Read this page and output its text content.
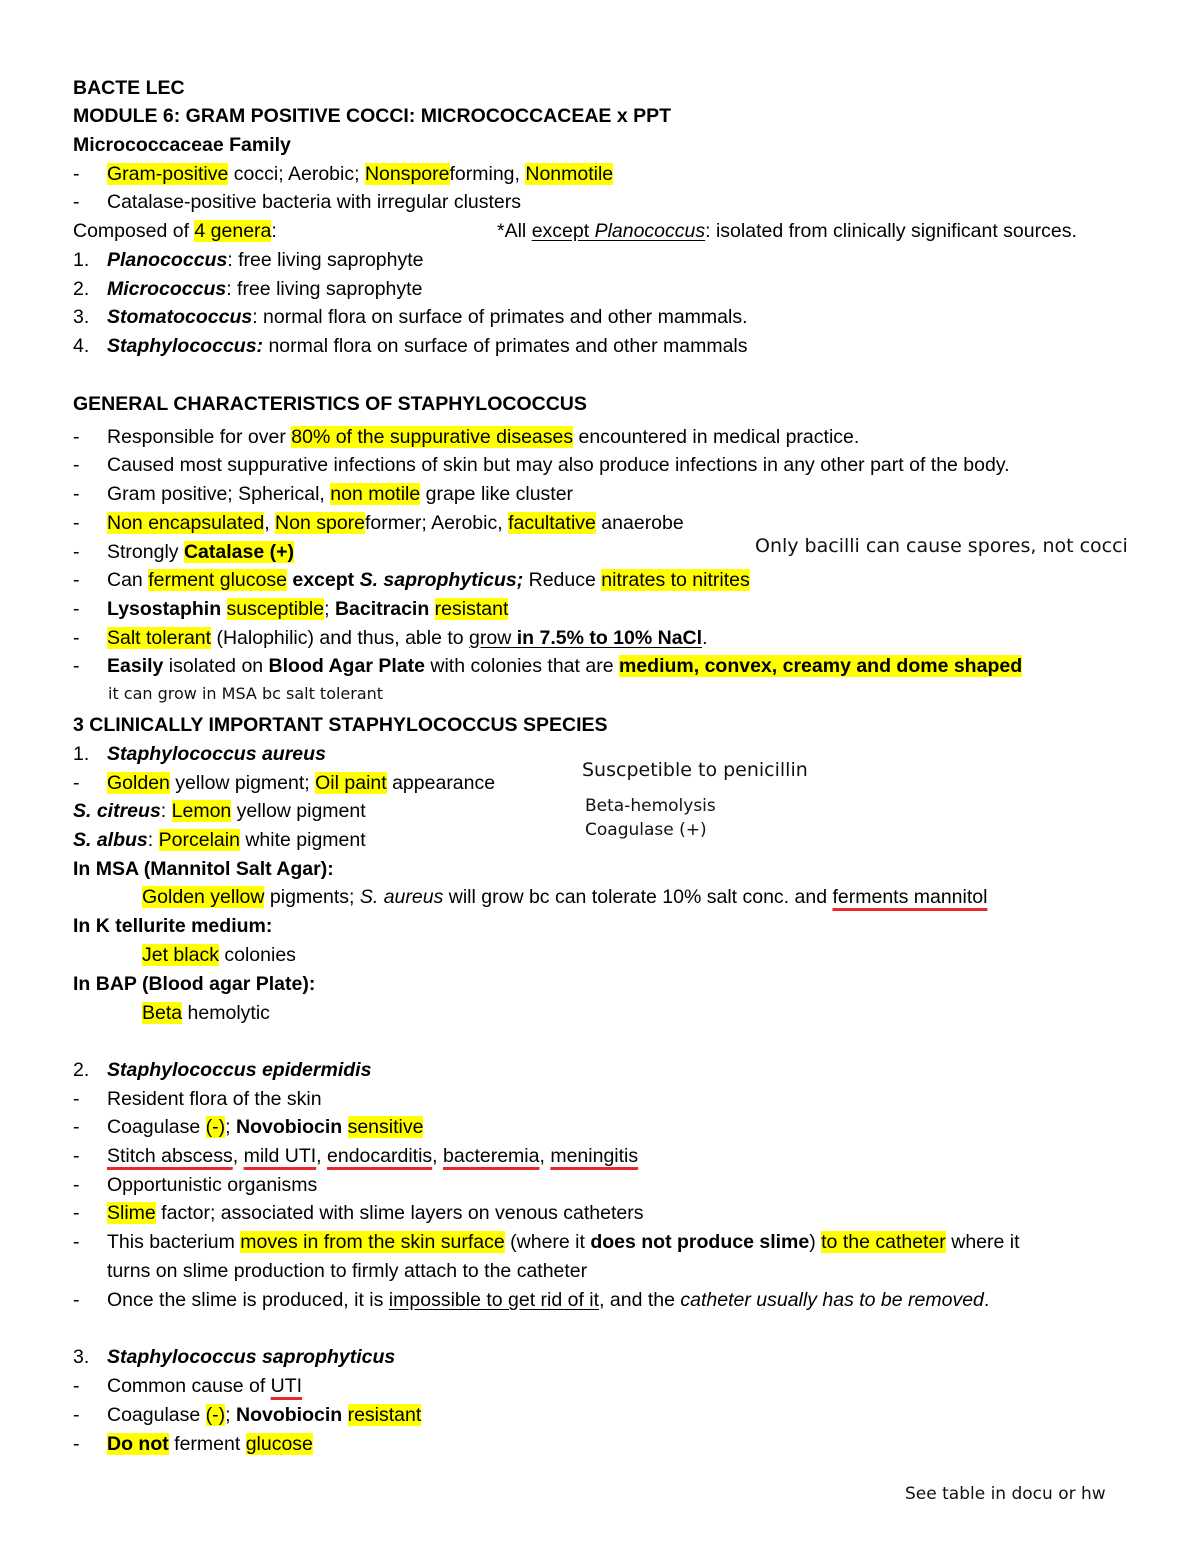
BACTE LEC
MODULE 6: GRAM POSITIVE COCCI: MICROCOCCACEAE x PPT
Micrococcaceae Family
- Gram-positive cocci; Aerobic; Nonsporeforming, Nonmotile
- Catalase-positive bacteria with irregular clusters
Composed of 4 genera:	*All except Planococcus: isolated from clinically significant sources.
1. Planococcus: free living saprophyte
2. Micrococcus: free living saprophyte
3. Stomatococcus: normal flora on surface of primates and other mammals.
4. Staphylococcus: normal flora on surface of primates and other mammals
GENERAL CHARACTERISTICS OF STAPHYLOCOCCUS
- Responsible for over 80% of the suppurative diseases encountered in medical practice.
- Caused most suppurative infections of skin but may also produce infections in any other part of the body.
- Gram positive; Spherical, non motile grape like cluster
- Non encapsulated, Non sporeformer; Aerobic, facultative anaerobe
- Strongly Catalase (+)	Only bacilli can cause spores, not cocci
- Can ferment glucose except S. saprophyticus; Reduce nitrates to nitrites
- Lysostaphin susceptible; Bacitracin resistant
- Salt tolerant (Halophilic) and thus, able to grow in 7.5% to 10% NaCl.
- Easily isolated on Blood Agar Plate with colonies that are medium, convex, creamy and dome shaped
it can grow in MSA bc salt tolerant
3 CLINICALLY IMPORTANT STAPHYLOCOCCUS SPECIES
1. Staphylococcus aureus
- Golden yellow pigment; Oil paint appearance
Suscpetible to penicillin
Beta-hemolysis
Coagulase (+)
S. citreus: Lemon yellow pigment
S. albus: Porcelain white pigment
In MSA (Mannitol Salt Agar):
Golden yellow pigments; S. aureus will grow bc can tolerate 10% salt conc. and ferments mannitol
In K tellurite medium:
Jet black colonies
In BAP (Blood agar Plate):
Beta hemolytic
2. Staphylococcus epidermidis
- Resident flora of the skin
- Coagulase (-); Novobiocin sensitive
- Stitch abscess, mild UTI, endocarditis, bacteremia, meningitis
- Opportunistic organisms
- Slime factor; associated with slime layers on venous catheters
- This bacterium moves in from the skin surface (where it does not produce slime) to the catheter where it
turns on slime production to firmly attach to the catheter
- Once the slime is produced, it is impossible to get rid of it, and the catheter usually has to be removed.
3. Staphylococcus saprophyticus
- Common cause of UTI
- Coagulase (-); Novobiocin resistant
- Do not ferment glucose
See table in docu or hw
